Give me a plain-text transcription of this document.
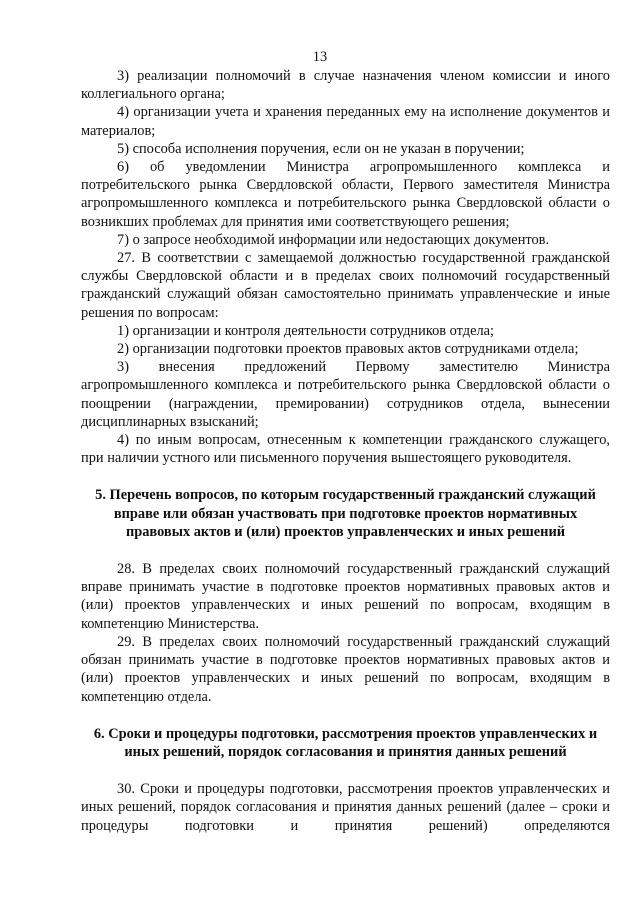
13

3) реализации полномочий в случае назначения членом комиссии и иного коллегиального органа;

4) организации учета и хранения переданных ему на исполнение документов и материалов;

5) способа исполнения поручения, если он не указан в поручении;

6) об уведомлении Министра агропромышленного комплекса и потребительского рынка Свердловской области, Первого заместителя Министра агропромышленного комплекса и потребительского рынка Свердловской области о возникших проблемах для принятия ими соответствующего решения;

7) о запросе необходимой информации или недостающих документов.

27. В соответствии с замещаемой должностью государственной гражданской службы Свердловской области и в пределах своих полномочий государственный гражданский служащий обязан самостоятельно принимать управленческие и иные решения по вопросам:

1) организации и контроля деятельности сотрудников отдела;

2) организации подготовки проектов правовых актов сотрудниками отдела;

3) внесения предложений Первому заместителю Министра агропромышленного комплекса и потребительского рынка Свердловской области о поощрении (награждении, премировании) сотрудников отдела, вынесении дисциплинарных взысканий;

4) по иным вопросам, отнесенным к компетенции гражданского служащего, при наличии устного или письменного поручения вышестоящего руководителя.

5. Перечень вопросов, по которым государственный гражданский служащий вправе или обязан участвовать при подготовке проектов нормативных правовых актов и (или) проектов управленческих и иных решений

28. В пределах своих полномочий государственный гражданский служащий вправе принимать участие в подготовке проектов нормативных правовых актов и (или) проектов управленческих и иных решений по вопросам, входящим в компетенцию Министерства.

29. В пределах своих полномочий государственный гражданский служащий обязан принимать участие в подготовке проектов нормативных правовых актов и (или) проектов управленческих и иных решений по вопросам, входящим в компетенцию отдела.

6. Сроки и процедуры подготовки, рассмотрения проектов управленческих и иных решений, порядок согласования и принятия данных решений

30. Сроки и процедуры подготовки, рассмотрения проектов управленческих и иных решений, порядок согласования и принятия данных решений (далее – сроки и процедуры подготовки и принятия решений) определяются
